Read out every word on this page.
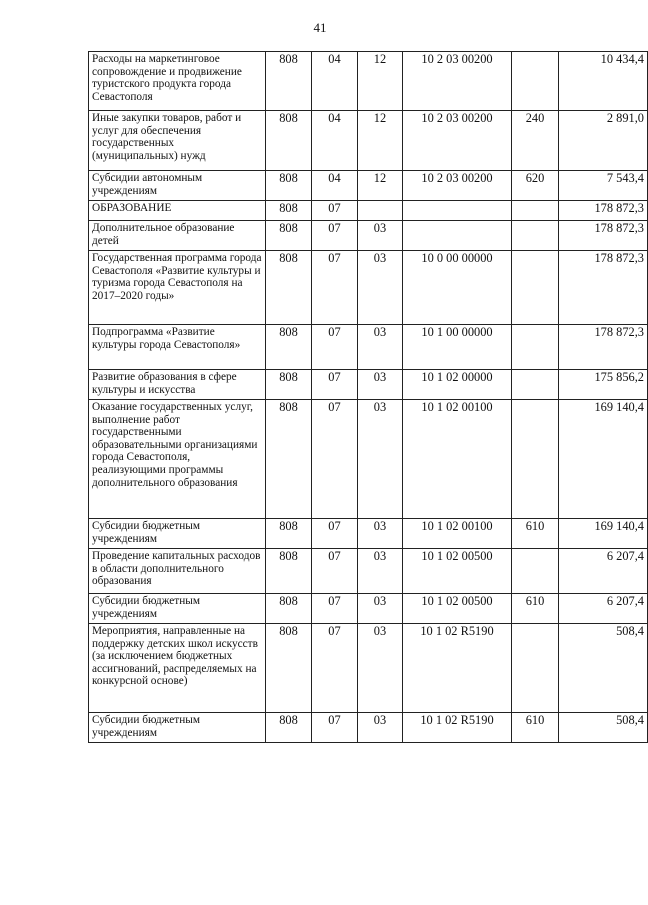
41
Расходы на маркетинговое сопровождение и продвижение туристского продукта города Севастополя	808	04	12	10 2 03 00200		10 434,4
Иные закупки товаров, работ и услуг для обеспечения государственных (муниципальных) нужд	808	04	12	10 2 03 00200	240	2 891,0
Субсидии автономным учреждениям	808	04	12	10 2 03 00200	620	7 543,4
ОБРАЗОВАНИЕ	808	07				178 872,3
Дополнительное образование детей	808	07	03			178 872,3
Государственная программа города Севастополя «Развитие культуры и туризма города Севастополя на 2017–2020 годы»	808	07	03	10 0 00 00000		178 872,3
Подпрограмма «Развитие культуры города Севастополя»	808	07	03	10 1 00 00000		178 872,3
Развитие образования в сфере культуры и искусства	808	07	03	10 1 02 00000		175 856,2
Оказание государственных услуг, выполнение работ государственными образовательными организациями города Севастополя, реализующими программы дополнительного образования	808	07	03	10 1 02 00100		169 140,4
Субсидии бюджетным учреждениям	808	07	03	10 1 02 00100	610	169 140,4
Проведение капитальных расходов в области дополнительного образования	808	07	03	10 1 02 00500		6 207,4
Субсидии бюджетным учреждениям	808	07	03	10 1 02 00500	610	6 207,4
Мероприятия, направленные на поддержку детских школ искусств (за исключением бюджетных ассигнований, распределяемых на конкурсной основе)	808	07	03	10 1 02 R5190		508,4
Субсидии бюджетным учреждениям	808	07	03	10 1 02 R5190	610	508,4
